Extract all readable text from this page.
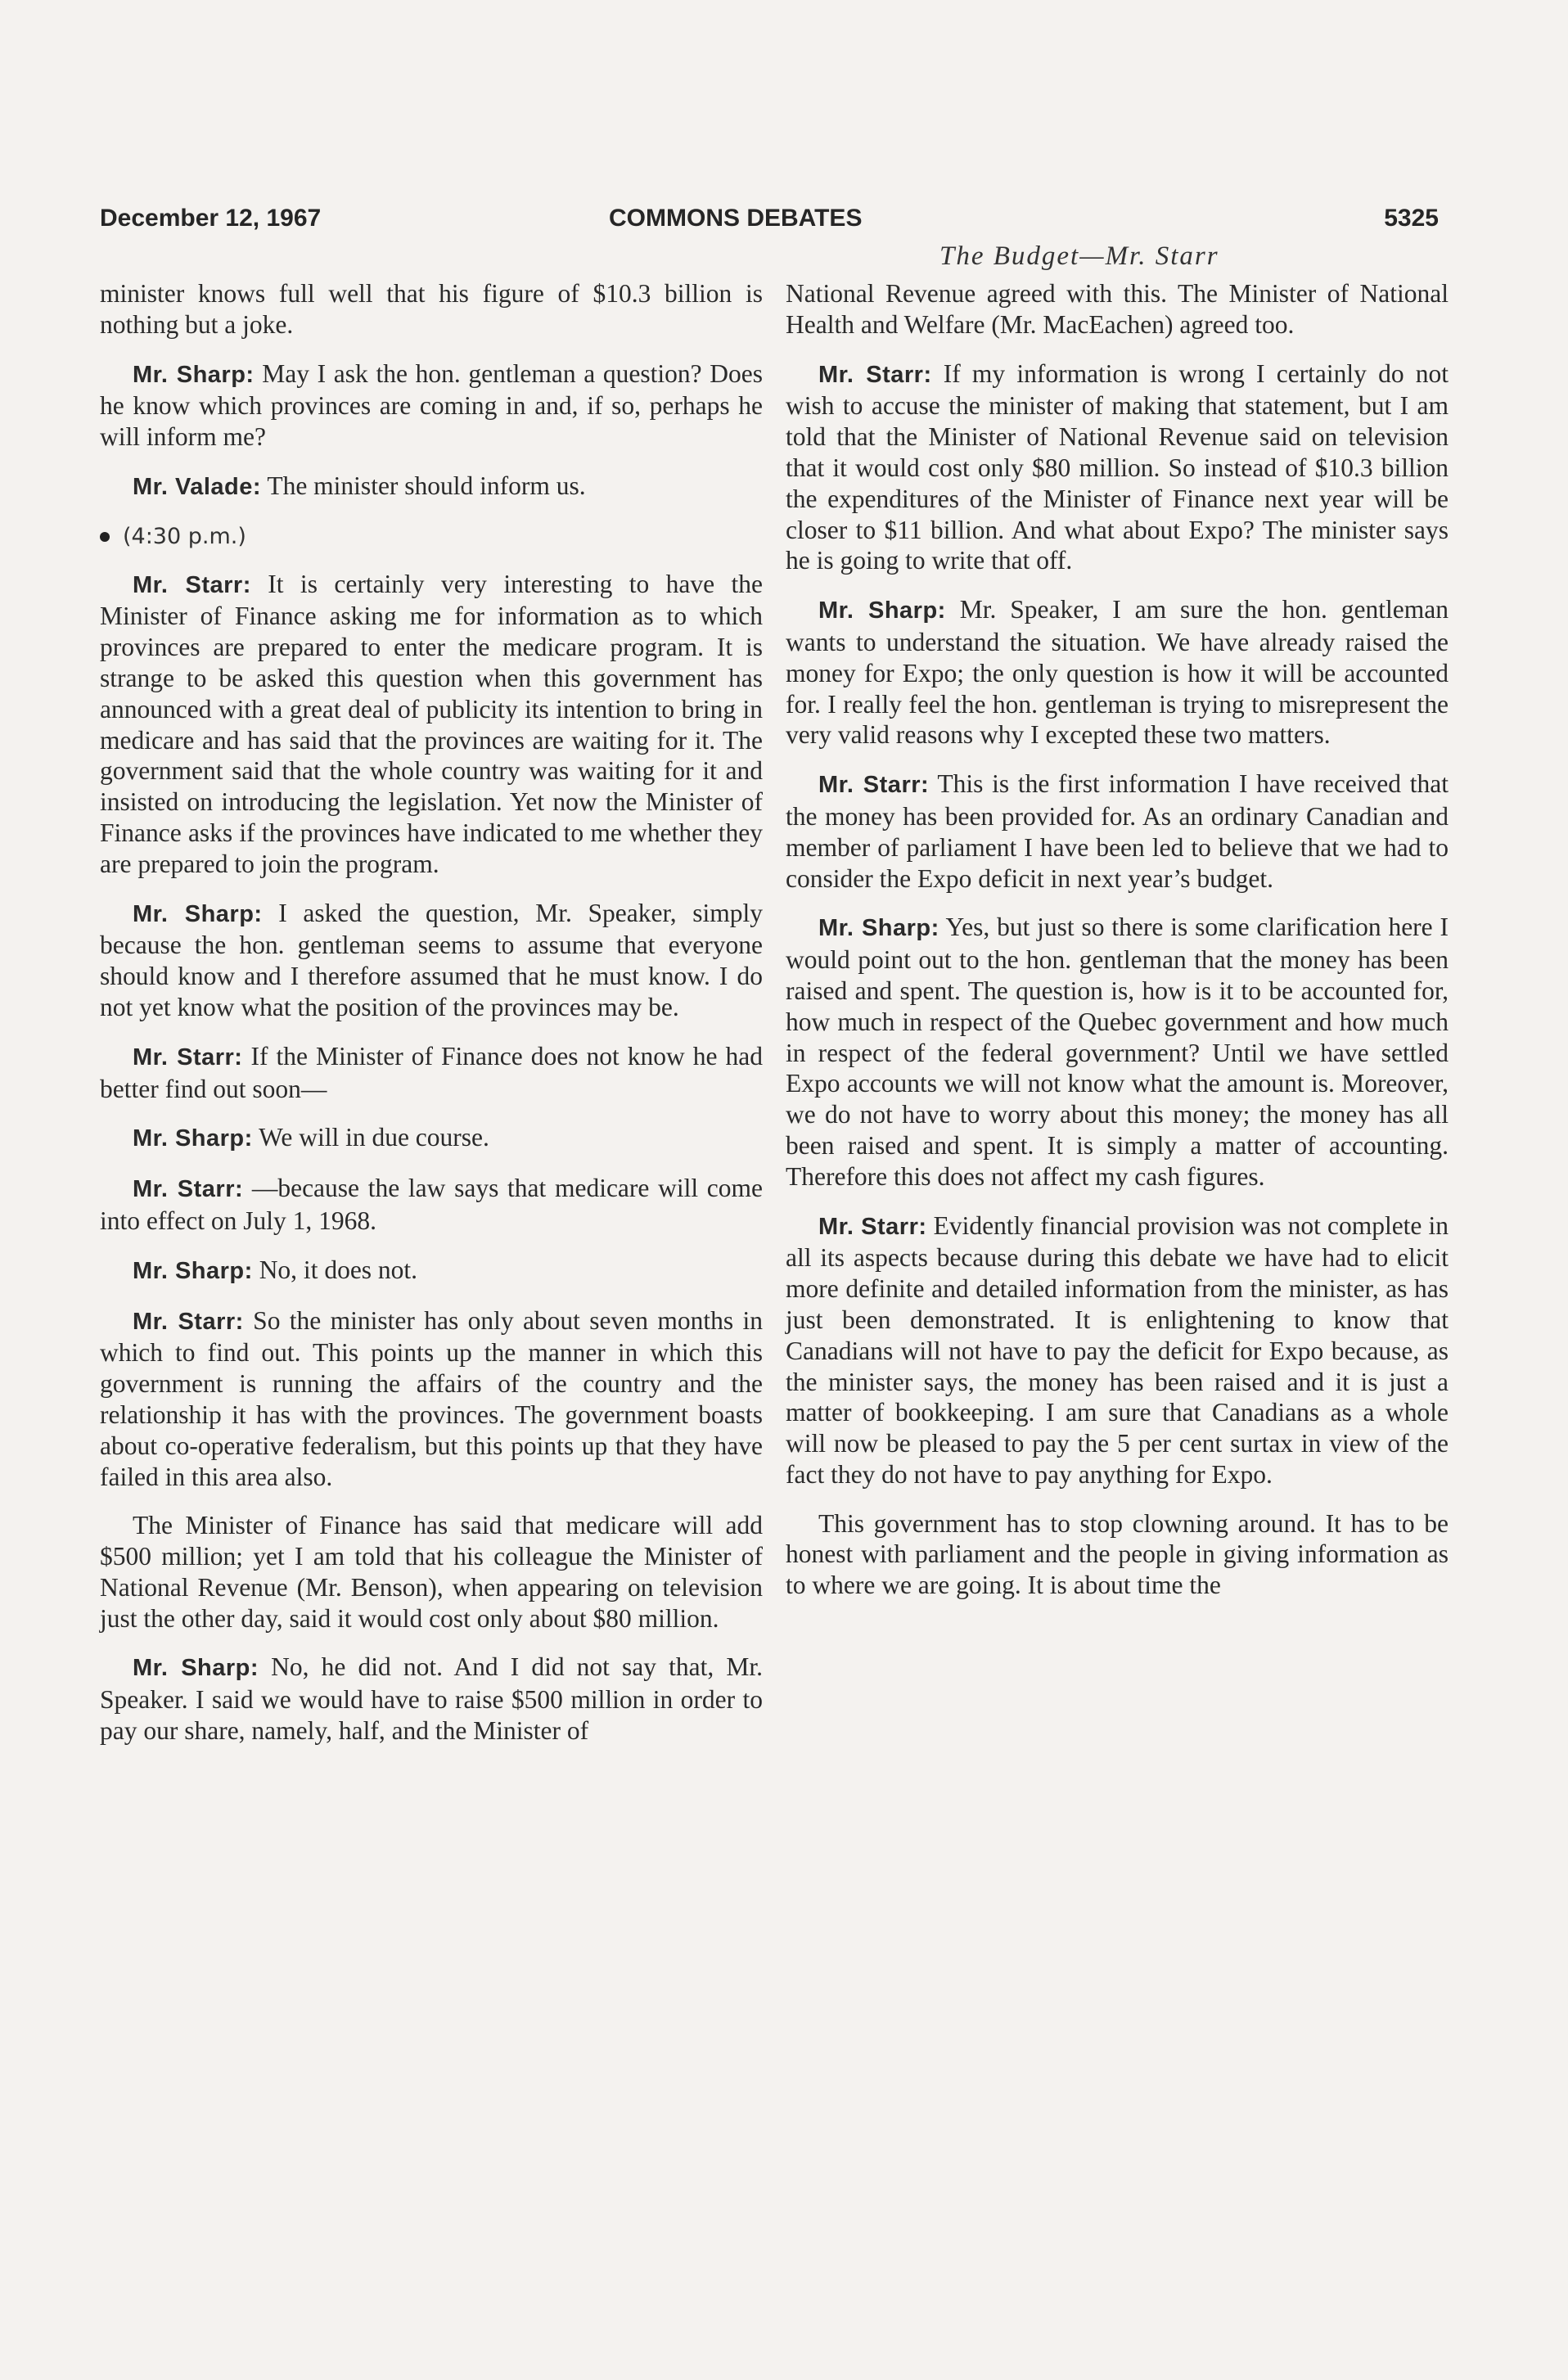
December 12, 1967	COMMONS DEBATES	5325
The Budget—Mr. Starr

minister knows full well that his figure of $10.3 billion is nothing but a joke.

Mr. Sharp: May I ask the hon. gentleman a question? Does he know which provinces are coming in and, if so, perhaps he will inform me?

Mr. Valade: The minister should inform us.

(4:30 p.m.)

Mr. Starr: It is certainly very interesting to have the Minister of Finance asking me for information as to which provinces are prepared to enter the medicare program. It is strange to be asked this question when this government has announced with a great deal of publicity its intention to bring in medicare and has said that the provinces are waiting for it. The government said that the whole country was waiting for it and insisted on introducing the legislation. Yet now the Minister of Finance asks if the provinces have indicated to me whether they are prepared to join the program.

Mr. Sharp: I asked the question, Mr. Speaker, simply because the hon. gentleman seems to assume that everyone should know and I therefore assumed that he must know. I do not yet know what the position of the provinces may be.

Mr. Starr: If the Minister of Finance does not know he had better find out soon—

Mr. Sharp: We will in due course.

Mr. Starr: —because the law says that medicare will come into effect on July 1, 1968.

Mr. Sharp: No, it does not.

Mr. Starr: So the minister has only about seven months in which to find out. This points up the manner in which this government is running the affairs of the country and the relationship it has with the provinces. The government boasts about co-operative federalism, but this points up that they have failed in this area also.

The Minister of Finance has said that medicare will add $500 million; yet I am told that his colleague the Minister of National Revenue (Mr. Benson), when appearing on television just the other day, said it would cost only about $80 million.

Mr. Sharp: No, he did not. And I did not say that, Mr. Speaker. I said we would have to raise $500 million in order to pay our share, namely, half, and the Minister of

National Revenue agreed with this. The Minister of National Health and Welfare (Mr. MacEachen) agreed too.

Mr. Starr: If my information is wrong I certainly do not wish to accuse the minister of making that statement, but I am told that the Minister of National Revenue said on television that it would cost only $80 million. So instead of $10.3 billion the expenditures of the Minister of Finance next year will be closer to $11 billion. And what about Expo? The minister says he is going to write that off.

Mr. Sharp: Mr. Speaker, I am sure the hon. gentleman wants to understand the situation. We have already raised the money for Expo; the only question is how it will be accounted for. I really feel the hon. gentleman is trying to misrepresent the very valid reasons why I excepted these two matters.

Mr. Starr: This is the first information I have received that the money has been provided for. As an ordinary Canadian and member of parliament I have been led to believe that we had to consider the Expo deficit in next year’s budget.

Mr. Sharp: Yes, but just so there is some clarification here I would point out to the hon. gentleman that the money has been raised and spent. The question is, how is it to be accounted for, how much in respect of the Quebec government and how much in respect of the federal government? Until we have settled Expo accounts we will not know what the amount is. Moreover, we do not have to worry about this money; the money has all been raised and spent. It is simply a matter of accounting. Therefore this does not affect my cash figures.

Mr. Starr: Evidently financial provision was not complete in all its aspects because during this debate we have had to elicit more definite and detailed information from the minister, as has just been demonstrated. It is enlightening to know that Canadians will not have to pay the deficit for Expo because, as the minister says, the money has been raised and it is just a matter of bookkeeping. I am sure that Canadians as a whole will now be pleased to pay the 5 per cent surtax in view of the fact they do not have to pay anything for Expo.

This government has to stop clowning around. It has to be honest with parliament and the people in giving information as to where we are going. It is about time the
